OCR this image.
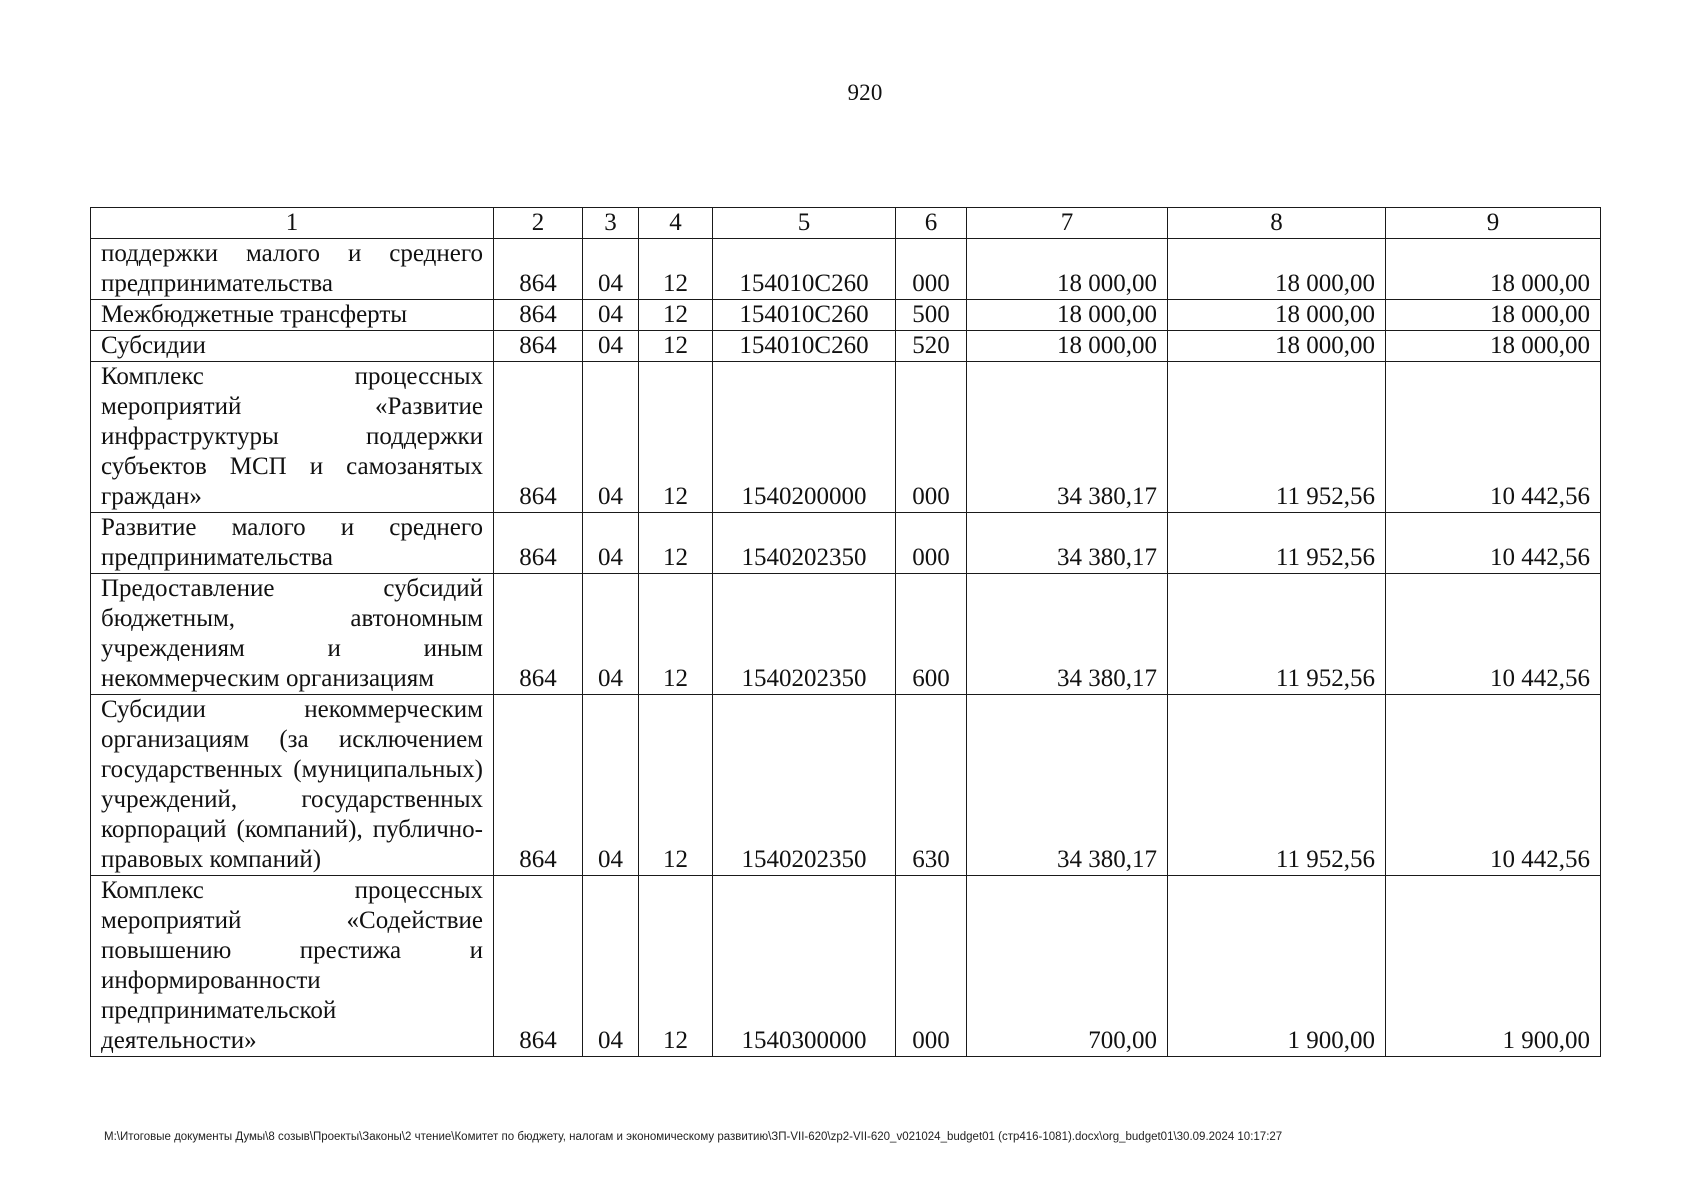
920
1	2	3	4	5	6	7	8	9
поддержки малого и среднего предпринимательства	864	04	12	154010С260	000	18 000,00	18 000,00	18 000,00
Межбюджетные трансферты	864	04	12	154010С260	500	18 000,00	18 000,00	18 000,00
Субсидии	864	04	12	154010С260	520	18 000,00	18 000,00	18 000,00
Комплекс процессных мероприятий «Развитие инфраструктуры поддержки субъектов МСП и самозанятых граждан»	864	04	12	1540200000	000	34 380,17	11 952,56	10 442,56
Развитие малого и среднего предпринимательства	864	04	12	1540202350	000	34 380,17	11 952,56	10 442,56
Предоставление субсидий бюджетным, автономным учреждениям и иным некоммерческим организациям	864	04	12	1540202350	600	34 380,17	11 952,56	10 442,56
Субсидии некоммерческим организациям (за исключением государственных (муниципальных) учреждений, государственных корпораций (компаний), публично-правовых компаний)	864	04	12	1540202350	630	34 380,17	11 952,56	10 442,56
Комплекс процессных мероприятий «Содействие повышению престижа и информированности предпринимательской деятельности»	864	04	12	1540300000	000	700,00	1 900,00	1 900,00
M:\Итоговые документы Думы\8 созыв\Проекты\Законы\2 чтение\Комитет по бюджету, налогам и экономическому развитию\ЗП-VII-620\zp2-VII-620_v021024_budget01 (стр416-1081).docx\org_budget01\30.09.2024 10:17:27
